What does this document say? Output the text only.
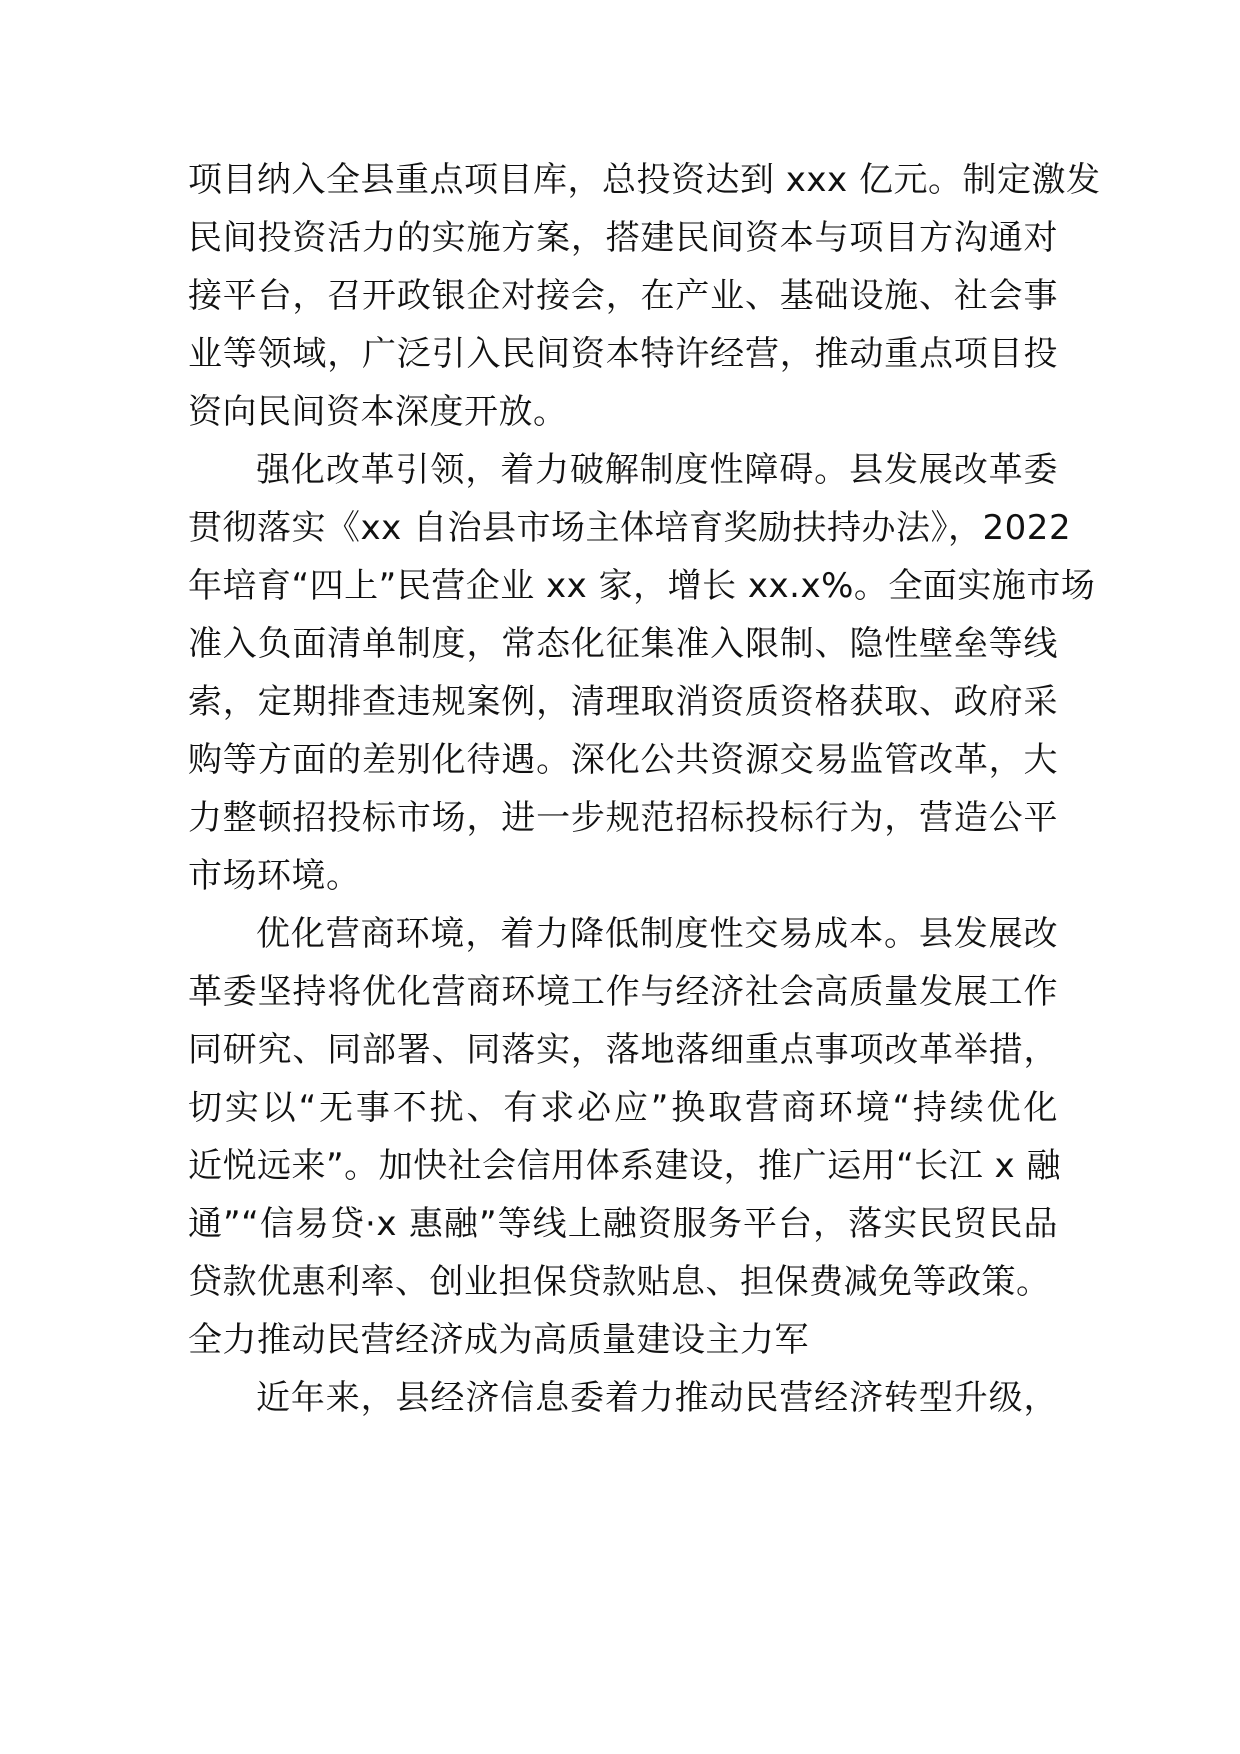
项目纳入全县重点项目库，总投资达到 xxx 亿元。制定激发
民间投资活力的实施方案，搭建民间资本与项目方沟通对
接平台，召开政银企对接会，在产业、基础设施、社会事
业等领域，广泛引入民间资本特许经营，推动重点项目投
资向民间资本深度开放。
强化改革引领，着力破解制度性障碍。县发展改革委
贯彻落实《xx 自治县市场主体培育奖励扶持办法》，2022
年培育“四上”民营企业 xx 家，增长 xx.x%。全面实施市场
准入负面清单制度，常态化征集准入限制、隐性壁垒等线
索，定期排查违规案例，清理取消资质资格获取、政府采
购等方面的差别化待遇。深化公共资源交易监管改革，大
力整顿招投标市场，进一步规范招标投标行为，营造公平
市场环境。
优化营商环境，着力降低制度性交易成本。县发展改
革委坚持将优化营商环境工作与经济社会高质量发展工作
同研究、同部署、同落实，落地落细重点事项改革举措，
切实以“无事不扰、有求必应”换取营商环境“持续优化
近悦远来”。加快社会信用体系建设，推广运用“长江 x 融
通”“信易贷·x 惠融”等线上融资服务平台，落实民贸民品
贷款优惠利率、创业担保贷款贴息、担保费减免等政策。
全力推动民营经济成为高质量建设主力军
近年来，县经济信息委着力推动民营经济转型升级，
